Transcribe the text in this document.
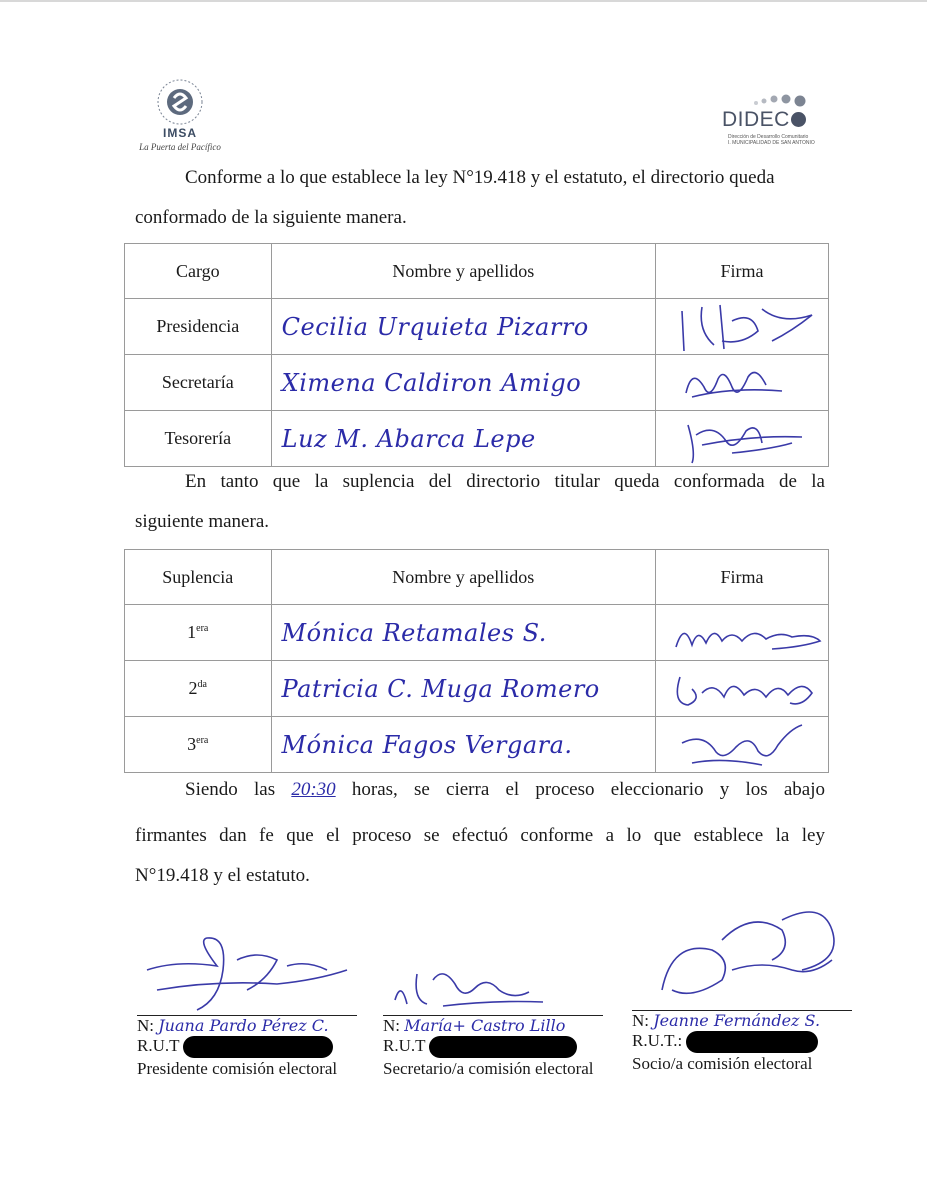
IMSA
La Puerta del Pacífico
DIDEC
Dirección de Desarrollo Comunitario
I. MUNICIPALIDAD DE SAN ANTONIO
Conforme a lo que establece la ley N°19.418 y el estatuto, el directorio queda
conformado de la siguiente manera.
Cargo	Nombre y apellidos	Firma
Presidencia	Cecilia Urquieta Pizarro	

Secretaría	Ximena Caldiron Amigo	

Tesorería	Luz M. Abarca Lepe	
En tanto que la suplencia del directorio titular queda conformada de la
siguiente manera.
Suplencia	Nombre y apellidos	Firma
$1^{era}$	Mónica Retamales S.	

$2^{da}$	Patricia C. Muga Romero	

$3^{era}$	Mónica Fagos Vergara.	
Siendo las 20:30 horas, se cierra el proceso eleccionario y los abajo
firmantes dan fe que el proceso se efectuó conforme a lo que establece la ley
N°19.418 y el estatuto.
N: Juana Pardo Pérez C.
R.U.T
Presidente comisión electoral
N: María+ Castro Lillo
R.U.T
Secretario/a comisión electoral
N: Jeanne Fernández S.
R.U.T.:
Socio/a comisión electoral
